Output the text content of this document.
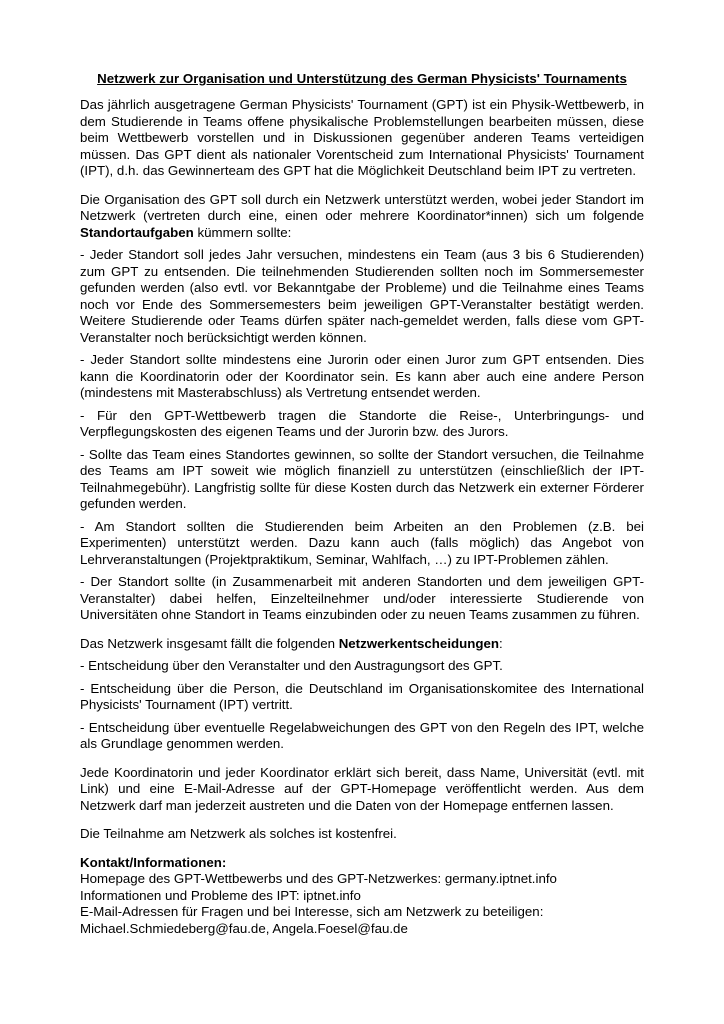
Netzwerk zur Organisation und Unterstützung des German Physicists' Tournaments
Das jährlich ausgetragene German Physicists' Tournament (GPT) ist ein Physik-Wettbewerb, in dem Studierende in Teams offene physikalische Problemstellungen bearbeiten müssen, diese beim Wettbewerb vorstellen und in Diskussionen gegenüber anderen Teams verteidigen müssen. Das GPT dient als nationaler Vorentscheid zum International Physicists' Tournament (IPT), d.h. das Gewinnerteam des GPT hat die Möglichkeit Deutschland beim IPT zu vertreten.
Die Organisation des GPT soll durch ein Netzwerk unterstützt werden, wobei jeder Standort im Netzwerk (vertreten durch eine, einen oder mehrere Koordinator*innen) sich um folgende Standortaufgaben kümmern sollte:
- Jeder Standort soll jedes Jahr versuchen, mindestens ein Team (aus 3 bis 6 Studierenden) zum GPT zu entsenden. Die teilnehmenden Studierenden sollten noch im Sommersemester gefunden werden (also evtl. vor Bekanntgabe der Probleme) und die Teilnahme eines Teams noch vor Ende des Sommersemesters beim jeweiligen GPT-Veranstalter bestätigt werden. Weitere Studierende oder Teams dürfen später nach-gemeldet werden, falls diese vom GPT-Veranstalter noch berücksichtigt werden können.
- Jeder Standort sollte mindestens eine Jurorin oder einen Juror zum GPT entsenden. Dies kann die Koordinatorin oder der Koordinator sein. Es kann aber auch eine andere Person (mindestens mit Masterabschluss) als Vertretung entsendet werden.
- Für den GPT-Wettbewerb tragen die Standorte die Reise-, Unterbringungs- und Verpflegungskosten des eigenen Teams und der Jurorin bzw. des Jurors.
- Sollte das Team eines Standortes gewinnen, so sollte der Standort versuchen, die Teilnahme des Teams am IPT soweit wie möglich finanziell zu unterstützen (einschließlich der IPT-Teilnahmegebühr). Langfristig sollte für diese Kosten durch das Netzwerk ein externer Förderer gefunden werden.
- Am Standort sollten die Studierenden beim Arbeiten an den Problemen (z.B. bei Experimenten) unterstützt werden. Dazu kann auch (falls möglich) das Angebot von Lehrveranstaltungen (Projektpraktikum, Seminar, Wahlfach, …) zu IPT-Problemen zählen.
- Der Standort sollte (in Zusammenarbeit mit anderen Standorten und dem jeweiligen GPT-Veranstalter) dabei helfen, Einzelteilnehmer und/oder interessierte Studierende von Universitäten ohne Standort in Teams einzubinden oder zu neuen Teams zusammen zu führen.
Das Netzwerk insgesamt fällt die folgenden Netzwerkentscheidungen:
- Entscheidung über den Veranstalter und den Austragungsort des GPT.
- Entscheidung über die Person, die Deutschland im Organisationskomitee des International Physicists' Tournament (IPT) vertritt.
- Entscheidung über eventuelle Regelabweichungen des GPT von den Regeln des IPT, welche als Grundlage genommen werden.
Jede Koordinatorin und jeder Koordinator erklärt sich bereit, dass Name, Universität (evtl. mit Link) und eine E-Mail-Adresse auf der GPT-Homepage veröffentlicht werden. Aus dem Netzwerk darf man jederzeit austreten und die Daten von der Homepage entfernen lassen.
Die Teilnahme am Netzwerk als solches ist kostenfrei.
Kontakt/Informationen:
Homepage des GPT-Wettbewerbs und des GPT-Netzwerkes: germany.iptnet.info
Informationen und Probleme des IPT: iptnet.info
E-Mail-Adressen für Fragen und bei Interesse, sich am Netzwerk zu beteiligen:
Michael.Schmiedeberg@fau.de, Angela.Foesel@fau.de
